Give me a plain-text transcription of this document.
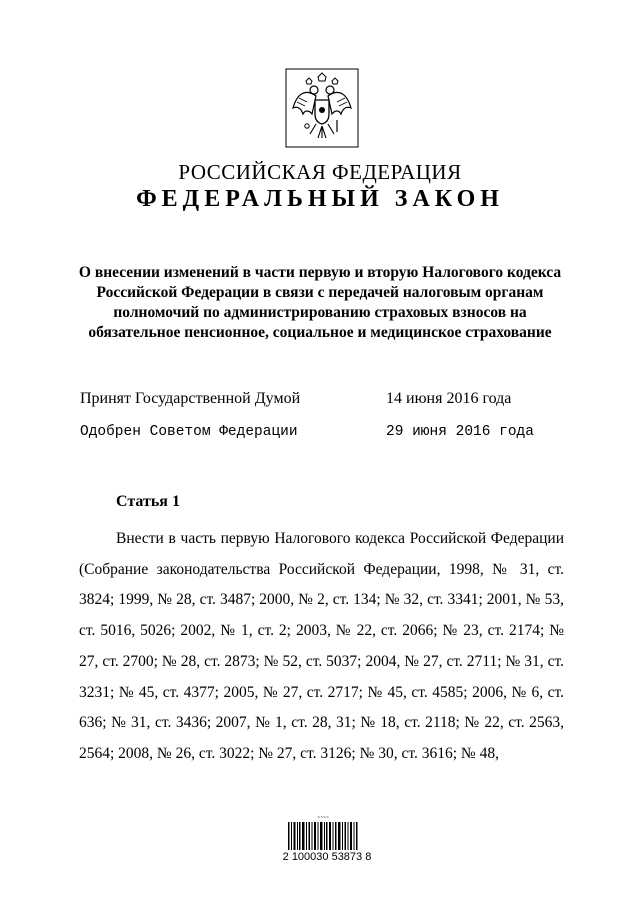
РОССИЙСКАЯ ФЕДЕРАЦИЯ
ФЕДЕРАЛЬНЫЙ ЗАКОН
О внесении изменений в части первую и вторую Налогового кодекса Российской Федерации в связи с передачей налоговым органам полномочий по администрированию страховых взносов на обязательное пенсионное, социальное и медицинское страхование
Принят Государственной Думой	14 июня 2016 года
Одобрен Советом Федерации	29 июня 2016 года
Статья 1
Внести в часть первую Налогового кодекса Российской Федерации (Собрание законодательства Российской Федерации, 1998, № 31, ст. 3824; 1999, № 28, ст. 3487; 2000, № 2, ст. 134; № 32, ст. 3341; 2001, № 53, ст. 5016, 5026; 2002, № 1, ст. 2; 2003, № 22, ст. 2066; № 23, ст. 2174; № 27, ст. 2700; № 28, ст. 2873; № 52, ст. 5037; 2004, № 27, ст. 2711; № 31, ст. 3231; № 45, ст. 4377; 2005, № 27, ст. 2717; № 45, ст. 4585; 2006, № 6, ст. 636; № 31, ст. 3436; 2007, № 1, ст. 28, 31; № 18, ст. 2118; № 22, ст. 2563, 2564; 2008, № 26, ст. 3022; № 27, ст. 3126; № 30, ст. 3616; № 48,
~~~~
2 100030 53873 8
